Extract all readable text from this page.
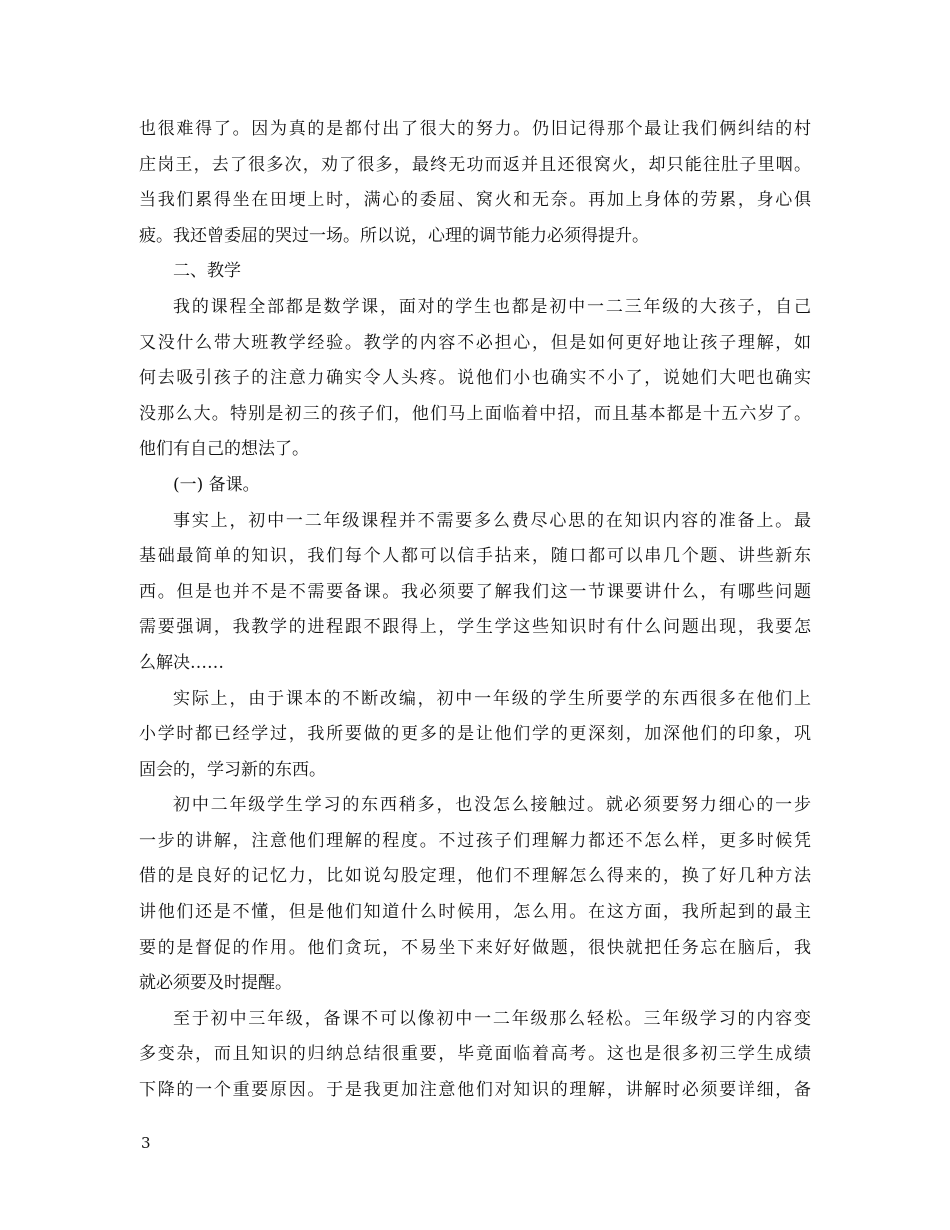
也很难得了。因为真的是都付出了很大的努力。仍旧记得那个最让我们俩纠结的村
庄岗王，去了很多次，劝了很多，最终无功而返并且还很窝火，却只能往肚子里咽。
当我们累得坐在田埂上时，满心的委屈、窝火和无奈。再加上身体的劳累，身心俱
疲。我还曾委屈的哭过一场。所以说，心理的调节能力必须得提升。
二、教学
我的课程全部都是数学课，面对的学生也都是初中一二三年级的大孩子，自己
又没什么带大班教学经验。教学的内容不必担心，但是如何更好地让孩子理解，如
何去吸引孩子的注意力确实令人头疼。说他们小也确实不小了，说她们大吧也确实
没那么大。特别是初三的孩子们，他们马上面临着中招，而且基本都是十五六岁了。
他们有自己的想法了。
(一) 备课。
事实上，初中一二年级课程并不需要多么费尽心思的在知识内容的准备上。最
基础最简单的知识，我们每个人都可以信手拈来，随口都可以串几个题、讲些新东
西。但是也并不是不需要备课。我必须要了解我们这一节课要讲什么，有哪些问题
需要强调，我教学的进程跟不跟得上，学生学这些知识时有什么问题出现，我要怎
么解决……
实际上，由于课本的不断改编，初中一年级的学生所要学的东西很多在他们上
小学时都已经学过，我所要做的更多的是让他们学的更深刻，加深他们的印象，巩
固会的，学习新的东西。
初中二年级学生学习的东西稍多，也没怎么接触过。就必须要努力细心的一步
一步的讲解，注意他们理解的程度。不过孩子们理解力都还不怎么样，更多时候凭
借的是良好的记忆力，比如说勾股定理，他们不理解怎么得来的，换了好几种方法
讲他们还是不懂，但是他们知道什么时候用，怎么用。在这方面，我所起到的最主
要的是督促的作用。他们贪玩，不易坐下来好好做题，很快就把任务忘在脑后，我
就必须要及时提醒。
至于初中三年级，备课不可以像初中一二年级那么轻松。三年级学习的内容变
多变杂，而且知识的归纳总结很重要，毕竟面临着高考。这也是很多初三学生成绩
下降的一个重要原因。于是我更加注意他们对知识的理解，讲解时必须要详细，备
3
